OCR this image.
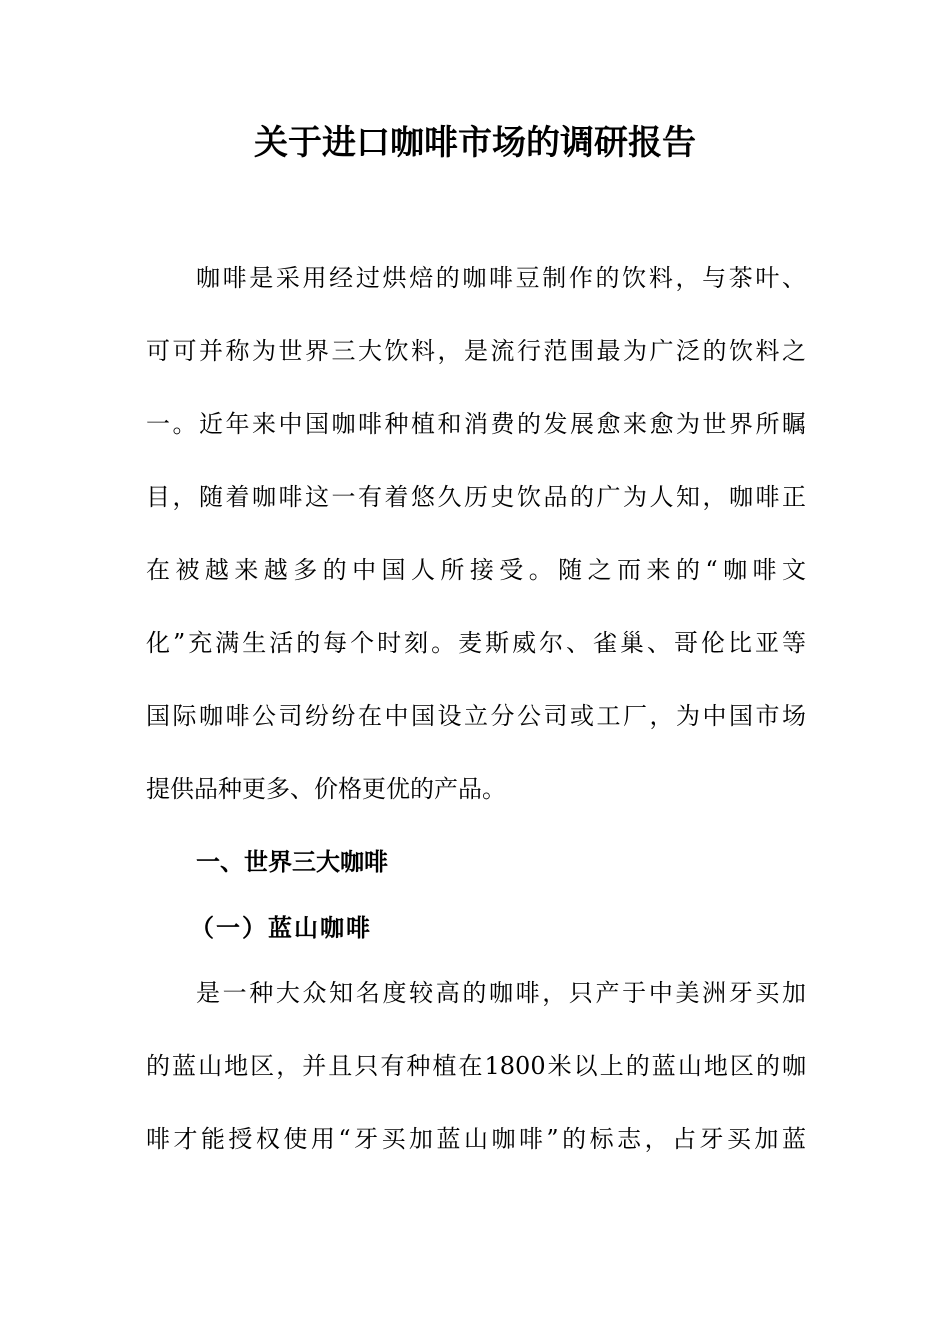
关于进口咖啡市场的调研报告

咖啡是采用经过烘焙的咖啡豆制作的饮料，与茶叶、

可可并称为世界三大饮料，是流行范围最为广泛的饮料之

一。近年来中国咖啡种植和消费的发展愈来愈为世界所瞩

目，随着咖啡这一有着悠久历史饮品的广为人知，咖啡正

在被越来越多的中国人所接受。随之而来的“咖啡文

化”充满生活的每个时刻。麦斯威尔、雀巢、哥伦比亚等

国际咖啡公司纷纷在中国设立分公司或工厂，为中国市场

提供品种更多、价格更优的产品。

一、世界三大咖啡
（一）蓝山咖啡

是一种大众知名度较高的咖啡，只产于中美洲牙买加

的蓝山地区，并且只有种植在1800米以上的蓝山地区的咖

啡才能授权使用“牙买加蓝山咖啡”的标志，占牙买加蓝
